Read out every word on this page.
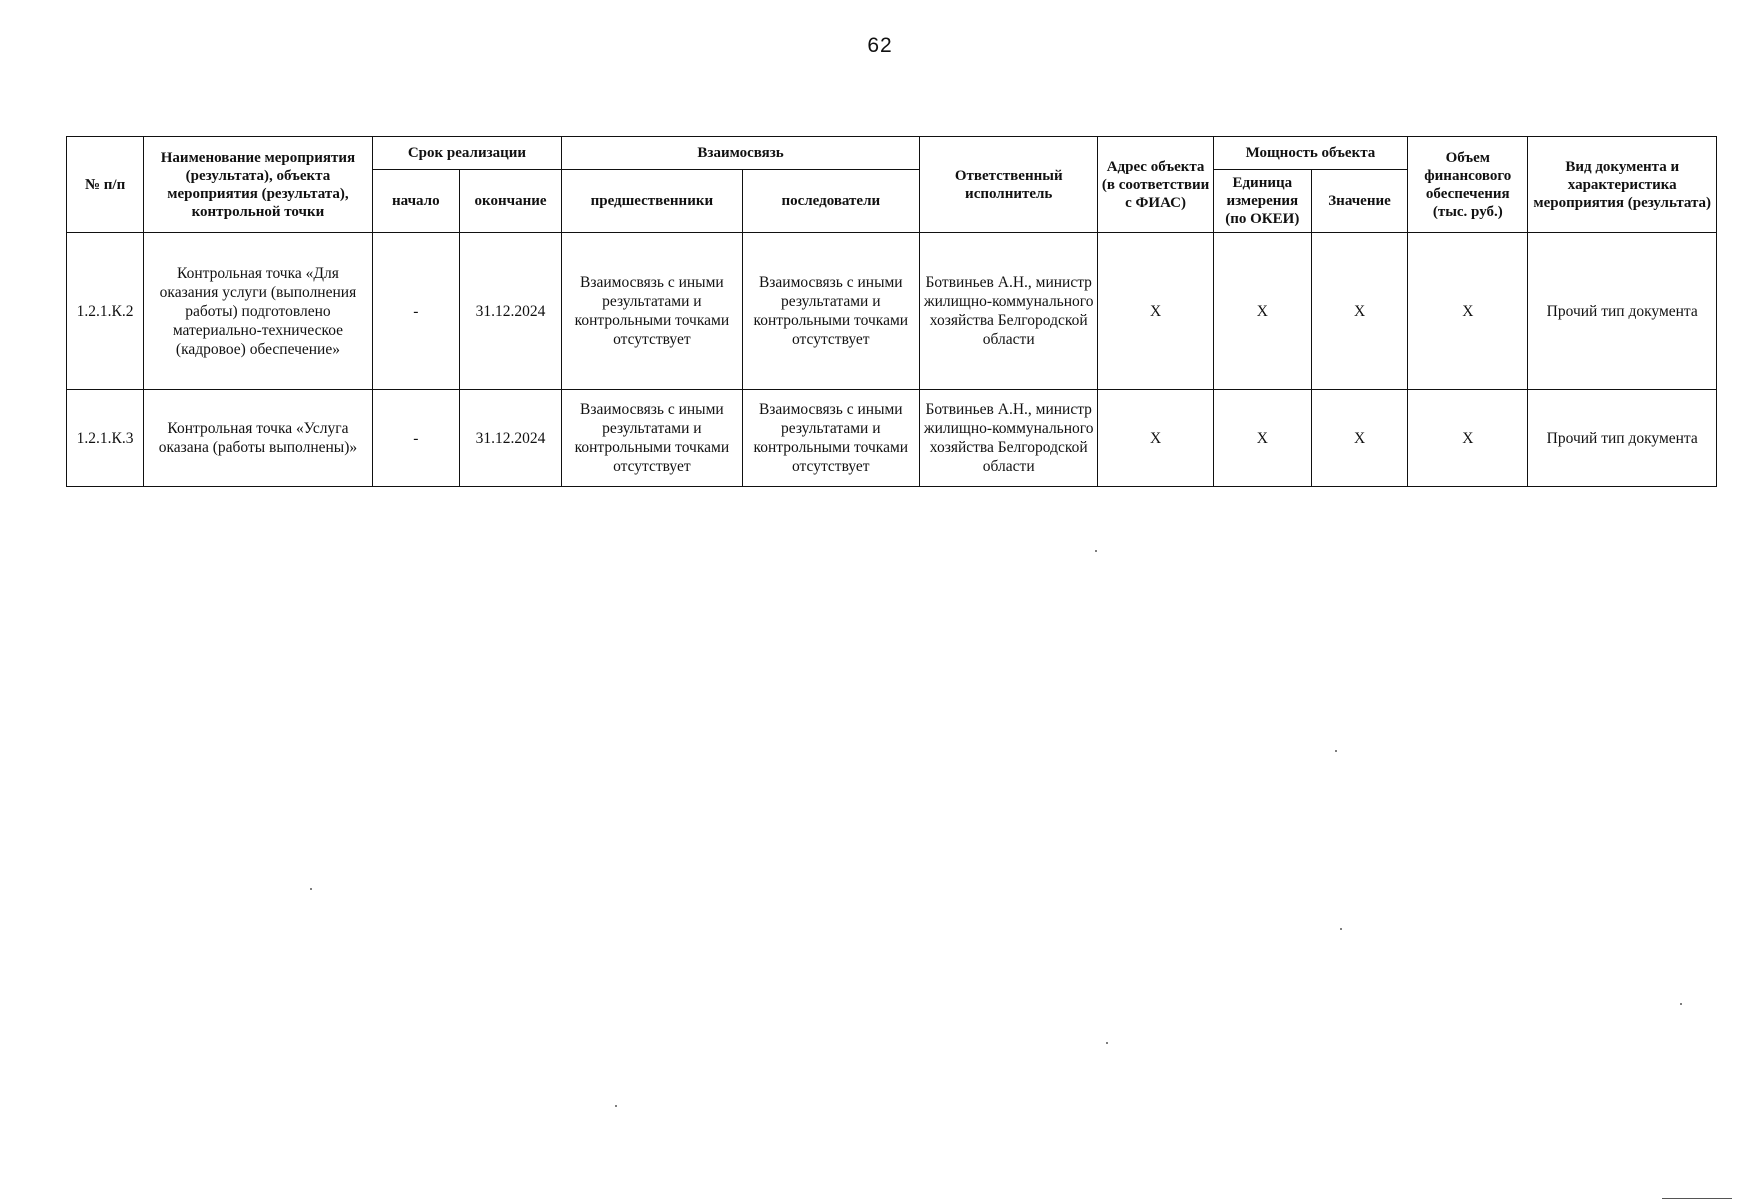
62
№ п/п	Наименование мероприятия (результата), объекта мероприятия (результата), контрольной точки	Срок реализации		Взаимосвязь		Ответственный исполнитель	Адрес объекта (в соответствии с ФИАС)	Мощность объекта		Объем финансового обеспечения (тыс. руб.)	Вид документа и характеристика мероприятия (результата)
		начало	окончание	предшественники	последователи			Единица измерения (по ОКЕИ)	Значение		
1.2.1.К.2	Контрольная точка «Для оказания услуги (выполнения работы) подготовлено материально-техническое (кадровое) обеспечение»	-	31.12.2024	Взаимосвязь с иными результатами и контрольными точками отсутствует	Взаимосвязь с иными результатами и контрольными точками отсутствует	Ботвиньев А.Н., министр жилищно-коммунального хозяйства Белгородской области	X	X	X	X	Прочий тип документа
1.2.1.К.3	Контрольная точка «Услуга оказана (работы выполнены)»	-	31.12.2024	Взаимосвязь с иными результатами и контрольными точками отсутствует	Взаимосвязь с иными результатами и контрольными точками отсутствует	Ботвиньев А.Н., министр жилищно-коммунального хозяйства Белгородской области	X	X	X	X	Прочий тип документа
